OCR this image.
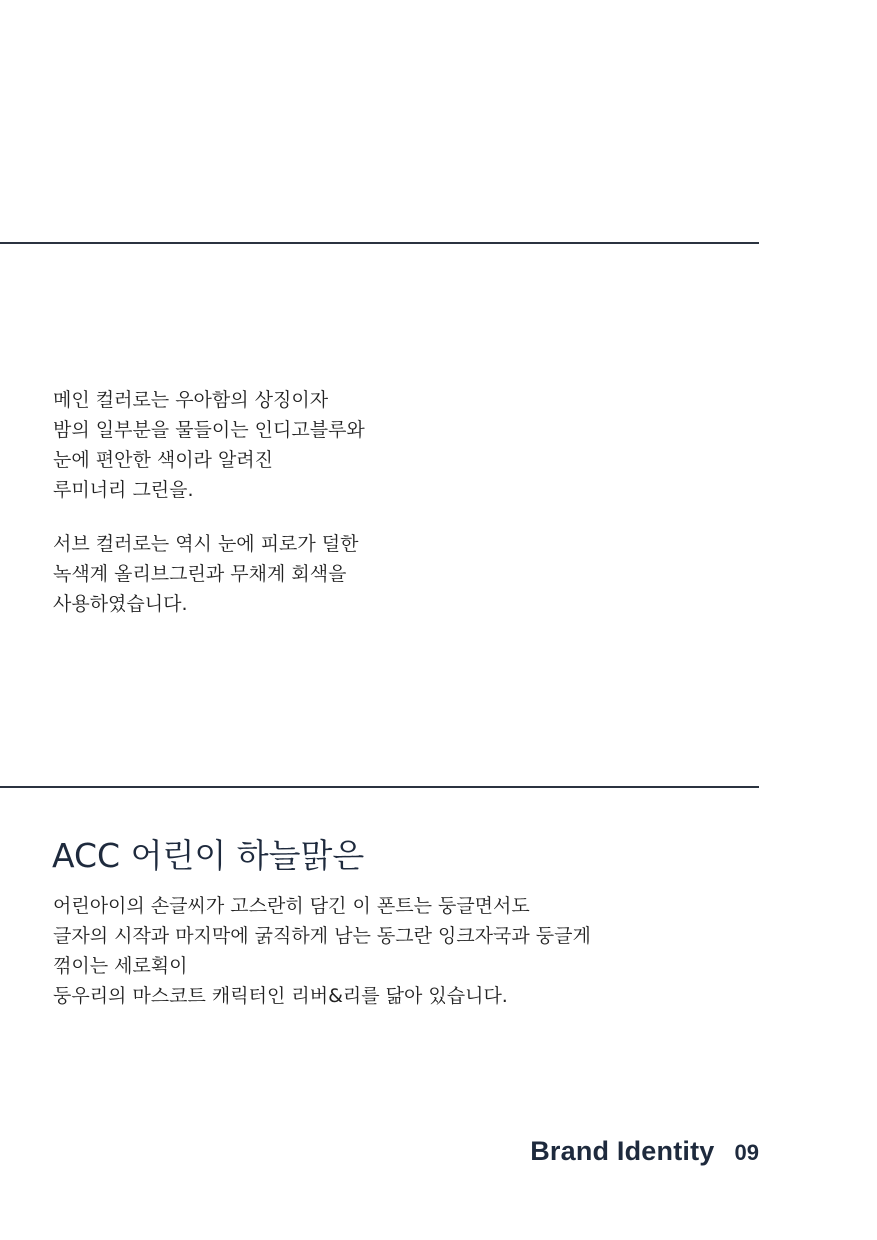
메인 컬러로는 우아함의 상징이자
밤의 일부분을 물들이는 인디고블루와
눈에 편안한 색이라 알려진
루미너리 그린을.

서브 컬러로는 역시 눈에 피로가 덜한
녹색계 올리브그린과 무채계 회색을
사용하였습니다.

ACC 어린이 하늘맑은

어린아이의 손글씨가 고스란히 담긴 이 폰트는 둥글면서도
글자의 시작과 마지막에 굵직하게 남는 동그란 잉크자국과 둥글게
꺾이는 세로획이
둥우리의 마스코트 캐릭터인 리버&리를 닮아 있습니다.

Brand Identity 09
